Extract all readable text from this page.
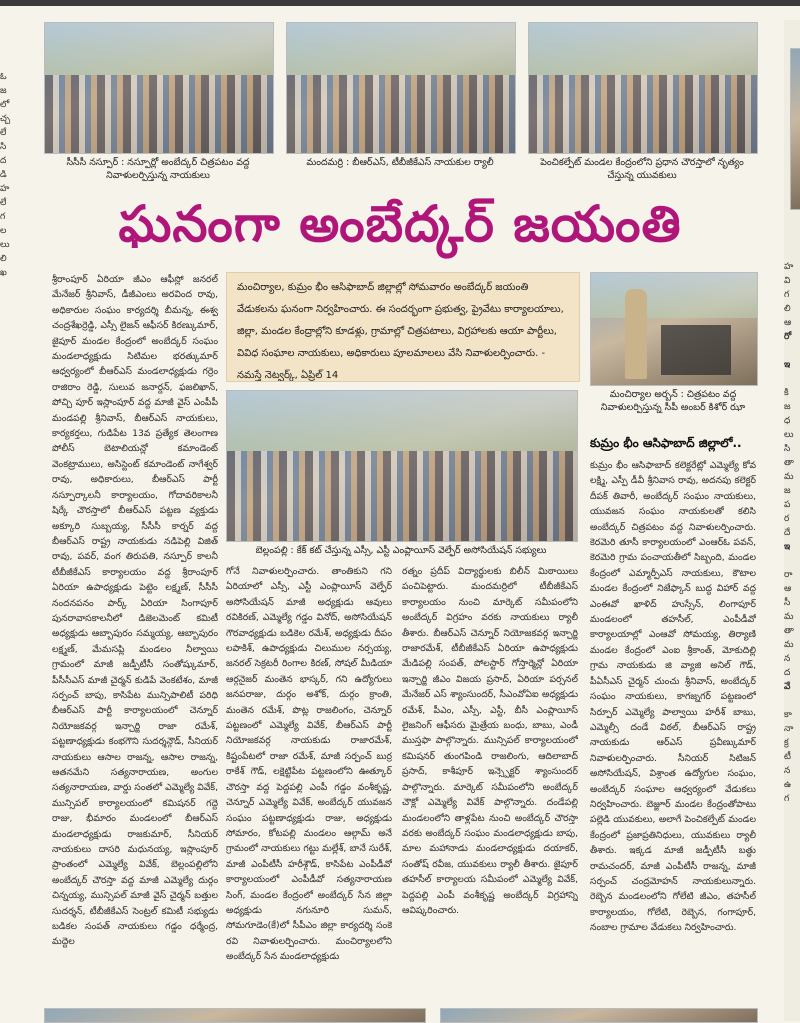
ఓ
జ
లో
చ్చ
లే
సి
ద
డి
హ
లే
గ
ల
లు
లి
ఖ
హ
వి
గ
లి
ఆ
రో

ఇ

కి
జ
ధ
లు
సి
తా
మ
జ
ప
ర
దే
ఇ

రా
ఆ
సీ
మ
తా
మ
న
ద
వే

కా
నా
క్ర
టీ
న
ఉ
గ
సీసీసీ నస్పూర్ : నస్పూర్లో అంబేద్కర్ చిత్రపటం వద్ద నివాళులర్పిస్తున్న నాయకులు
మందమర్రి : బీఆర్ఎస్, టీబీజీకేఎస్ నాయకుల ర్యాలీ	పెంచికల్పేట్ మండల కేంద్రంలోని ప్రధాన చౌరస్తాలో నృత్యం చేస్తున్న యువకులు
ఘనంగా అంబేద్కర్ జయంతి
శ్రీరాంపూర్ ఏరియా జీఎం ఆఫీస్లో జనరల్ మేనేజర్ శ్రీనివాస్, డీజీఎంలు అరవింద రావు, అధికారుల సంఘం కార్యదర్శి బీమన్న, ఈశ్వ చంద్రశేఖర్రెడ్డి, ఎస్సీ లైజన్ ఆఫీసర్ కిరణ్కుమార్, జైపూర్ మండల కేంద్రంలో అంబేద్కర్ సంఘం మండలాధ్యక్షుడు సిటిమల భరత్కుమార్ ఆధ్వర్యంలో బీఆర్ఎస్ మండలాధ్యక్షుడు గర్రెం రాజిరాం రెడ్డి, సులువ జనార్దన్, ఫజలిఖాన్, పోచ్చి పూర్ ఇస్లాంపూర్ వద్ద మాజీ వైస్ ఎంపీపీ మండపల్లి శ్రీనివాస్, బీఆర్ఎస్ నాయకులు, కార్యకర్తలు, గుడిపేట 13వ ప్రత్యేక తెలంగాణ పోలీస్ బెటాలియన్లో కమాండెంట్ వెంకట్రాములు, అసిస్టెంట్ కమాండెంట్ నాగేశ్వర్ రావు, అధికారులు, బీఆర్ఎస్ పార్టీ నస్పూర్కాలనీ కార్యాలయం, గోదావరికాలనీ షిర్కే చౌరస్తాలో బీఆర్ఎస్ పట్టణ వ్యక్తుడు అక్కూరి సుబ్బయ్య, సీసీసీ కార్నర్ వద్ద బీఆర్ఎస్ రాష్ట్ర నాయకుడు నడిపెల్లి విజిత్ రావు, పవర్, వంగ తిరుపతి, నస్పూర్ కాలనీ టీబీజీకేఎస్ కార్యాలయం వద్ద శ్రీరాంపూర్ ఏరియా ఉపాధ్యక్షుడు పెట్టెం లక్ష్మణ్, సీసీసీ నందనపనం పార్క్ ఏరియా సింగాపూర్ పునరావాసకాలనీలో డిజెలమెంట్ కమిటీ అధ్యక్షుడు ఆబ్బాపురం సమ్మయ్య, ఆబ్బాపురం లక్ష్మణ్, మేమసప్లి మండలం నీల్వాయి గ్రామంలో మాజీ జడ్పీటీసీ సంతోష్కుమార్, పీసీసీఎస్ మాజీ చైర్మన్ కుడిపే వెంకటేశం, మాజీ సర్పంచ్ బాపు, కాసిపేట మున్సిపాలిటీ పరిధి బీఆర్ఎస్ పార్టీ కార్యాలయంలో చెన్నూర్ నియోజకవర్గ ఇన్చార్జి రాజా రమేశ్, పట్టణాధ్యక్షుడు కంభగౌని సుదర్శన్గౌడ్, సీనియర్ నాయకులు ఆసాల రాజన్న, ఆసాల రాజన్న, ఆతనమేని సత్యనారాయణ, అంగుల సత్యనారాయణ, వార్డు సంతలో ఎమ్మెల్యే వివేక్, మున్సిపల్ కార్యాలయంలో కమిషనర్ గద్దె రాజు, భీమారం మండలంలో బీఆర్ఎస్ మండలాధ్యక్షుడు రాజకుమార్, సీనియర్ నాయకులు దాసరి మధునయ్య, ఇస్లాంపూర్ ప్రాంతంలో ఎమ్మెల్యే వివేక్, బెల్లంపల్లిలోని అంబేద్కర్ చౌరస్తా వద్ద మాజీ ఎమ్మెల్యే దుర్గం చిన్నయ్య, మున్సిపల్ మాజీ వైస్ చైర్మన్ బత్తుల సుదర్శన్, టీబీజీకేఎస్ సెంట్రల్ కమిటీ సభ్యుడు బడికల సంపత్ నాయకులు గడ్డం ధర్మేంద్ర, మద్దెల
మంచిర్యాల, కుమ్రం భీం ఆసిఫాబాద్ జిల్లాల్లో సోమవారం అంబేద్కర్ జయంతి వేడుకలను ఘనంగా నిర్వహించారు. ఈ సందర్భంగా ప్రభుత్వ, ప్రైవేటు కార్యాలయాలు, జిల్లా, మండల కేంద్రాల్లోని కూడళ్లు, గ్రామాల్లో చిత్రపటాలు, విగ్రహాలకు ఆయా పార్టీలు, వివిధ సంఘాల నాయకులు, అధికారులు పూలమాలలు వేసి నివాళులర్పించారు. - నమస్తే నెట్వర్క్, ఏప్రిల్ 14
బెల్లంపల్లి : కేక్ కట్ చేస్తున్న ఎస్సీ, ఎస్టీ ఎంప్లాయీస్ వెల్ఫేర్ అసోసియేషన్ సభ్యులు
మంచిర్యాల అర్బన్ : చిత్రపటం వద్ద నివాళులర్పిస్తున్న సీపీ అంబర్ కిశోర్ ఝా
కుమ్రం భీం ఆసిఫాబాద్ జిల్లాలో..
గోనే నివాళులర్పించారు. తాంతికుని గని ఏరియాలో ఎస్సీ, ఎస్టీ ఎంప్లాయీస్ వెల్ఫేర్ అసోసియేషన్ మాజీ అధ్యక్షుడు ఆవులు రవికిరణ్, ఎమ్మెల్యే గడ్డం వినోద్, అసోసియేషన్ గౌరవాధ్యక్షుడు బడికెల రమేశ్, అధ్యక్షుడు దీపం లపాకిశ్, ఉపాధ్యక్షుడు చిలుముల నర్సయ్య, జనరల్ సెక్రటరీ రింగాల కిరణ్, సోషల్ మీడియా ఆర్గనైజర్ మంతెన భాస్కర్, గని ఉద్యోగులు జనపరాజు, దుర్గం అశోక్, దుర్గం క్రాంతి, మంతెన రమేశ్, పొట్ల రాజలింగం, చెన్నూర్ పట్టణంలో ఎమ్మెల్యే వివేక్, బీఆర్ఎస్ పార్టీ నియోజకవర్గ నాయకుడు రాజారమేశ్, కిష్టంపేటలో రాజా రమేశ్, మాజీ సర్పంచ్ బుర్ర రాకేశ్ గౌడ్, లక్షెట్టిపేట పట్టణంలోని ఊత్కూర్ చౌరస్తా వద్ద పెద్దపల్లి ఎంపీ గడ్డం వంశీకృష్ణ, చెన్నూర్ ఎమ్మెల్యే వివేక్, అంబేద్కర్ యువజన సంఘం పట్టణాధ్యక్షుడు రాజు, అధ్యక్షుడు సోమారం, కోటపల్లి మండలం ఆల్గామ్ అనే గ్రామంలో నాయకులు గట్టు మల్లేశ్, బానే సురేశ్, మాజీ ఎంపీటీసీ హరీశ్గౌడ్, కాసిపేట ఎంపీడీవో కార్యాలయంలో ఎంపీడీవో సత్యనారాయణ సింగ్, మండల కేంద్రంలో అంబేద్కర్ సేన జిల్లా అధ్యక్షుడు నగునూరి సుమన్, సోమగూడెం(కే)లో సీపీఎం జిల్లా కార్యదర్శి సంకె రవి నివాళులర్పించారు. మంచిర్యాలలోని అంబేద్కర్ సేన మండలాధ్యక్షుడు
రత్నం ప్రదీప్ విద్యార్థులకు బిలీన్ మిఠాయిలు పంచిపెట్టారు. మందమర్రిలో టీబీజీకేఎస్ కార్యాలయం నుంచి మార్కెట్ సమీపంలోని అంబేద్కర్ విగ్రహం వరకు నాయకులు ర్యాలీ తీశారు. బీఆర్ఎస్ చెన్నూర్ నియోజకవర్గ ఇన్చార్జి రాజారమేశ్, టీబీజీకేఎస్ ఏరియా ఉపాధ్యక్షుడు మేడిపల్లి సంపత్, పోలస్టార్ గోస్తార్మెన్లో ఏరియా ఇన్చార్జి జీఎం విజయ ప్రసాద్, ఏరియా పర్సనల్ మేనేజర్ ఎస్ శ్యాంసుందర్, సీఎంవోఏఐ అధ్యక్షుడు రమేశ్, పీఎం, ఎస్సీ, ఎస్టీ, బీసీ ఎంప్లాయీస్ లైజనింగ్ ఆఫీసరు మైత్రేయ బంధు, బాబు, ఎండీ ముస్తఫా పాల్గొన్నారు. మున్సిపల్ కార్యాలయంలో కమిషనర్ తుంగపిండి రాజలింగు, ఆదిలాబాద్ ప్రసాద్, కాశీపూర్ ఇన్స్పెక్టర్ శ్యాంసుందర్ పాల్గొన్నారు. మార్కెట్ సమీపంలోని అంబేద్కర్ చౌక్లో ఎమ్మెల్యే వివేక్ పాల్గొన్నారు. దండేపల్లి మండలంలోని తాళ్లపేట నుంచి అంబేద్కర్ చౌరస్తా వరకు అంబేద్కర్ సంఘం మండలాధ్యక్షుడు బాపు, మాల మహానాడు మండలాధ్యక్షుడు దయాకర్, సంతోష్ రవీజ, యువకులు ర్యాలీ తీశారు. జైపూర్ తహసీల్ కార్యాలయ సమీపంలో ఎమ్మెల్యే వివేక్, పెద్దపల్లి ఎంపీ వంశీకృష్ణ అంబేద్కర్ విగ్రహాన్ని ఆవిష్కరించారు.
కుమ్రం భీం ఆసిఫాబాద్ కలెక్టరేట్లో ఎమ్మెల్యే కోవ లక్ష్మి, ఎస్పీ డీవీ శ్రీనివాస రావు, అదనపు కలెక్టర్ దీపక్ తివారీ, అంబేద్కర్ సంఘం నాయకులు, యువజన సంఘం నాయకులతో కలిసి అంబేద్కర్ చిత్రపటం వద్ద నివాళులర్పించారు. కెరమెరి తూసీ కార్యాలయంలో ఎంఆర్ఓ పవన్, కెరమెరి గ్రామ పంచాయతీలో సిబ్బంది, మండల కేంద్రంలో ఎమ్మార్పీఎస్ నాయకులు, కౌటాల మండల కేంద్రంలో నిజేఫ్కాన్ బుద్ధ విహార్ వద్ద ఎంఈవో ఖాళిద్ హుస్సేన్, లింగాపూర్ మండలంలో తహసీల్, ఎంపీడీవో కార్యాలయాల్లో ఎంఆవో సోమయ్య, తిర్యాణి మండల కేంద్రంలో ఎంఐ శ్రీకాంత్, మోకుదిల్లి గ్రామ నాయకుడు జి వ్యాజి అనిల్ గౌడ్, పీఏసీఎస్ చైర్మన్ చుంచు శ్రీనివాస్, అంబేద్కర్ సంఘం నాయకులు, కాగజ్నగర్ పట్టణంలో సిర్పూర్ ఎమ్మెల్యే పాల్వాయి హరీశ్ బాబు, ఎమ్మెల్సీ దండే విఠల్, బీఆర్ఎస్ రాష్ట్ర నాయకుడు ఆర్ఎస్ ప్రవీణ్కుమార్ నివాళులర్పించారు. సీనియర్ సిటిజన్ అసోసియేషన్, విశ్రాంత ఉద్యోగుల సంఘం, అంబేద్కర్ సంఘాల ఆధ్వర్యంలో వేడుకలు నిర్వహించారు. బెజ్జూర్ మండల కేంద్రంతోపాటు పల్లెడి యువకులు, అలాగే పెంచికల్పేట్ మండల కేంద్రంలో ప్రజాప్రతినిధులు, యువకులు ర్యాలీ తీశారు. ఇక్కడ మాజీ జడ్పీటీసీ బత్ధు రామచందర్, మాజీ ఎంపీటీసీ రాజన్న, మాజీ సర్పంచ్ చంద్రమోహన్ నాయకులున్నారు. రెబ్బెన మండలంలోని గోలేటి జీఎం, తహసీల్ కార్యాలయం, గోలేటి, రెబ్బెన, గంగాపూర్, నంబాల గ్రామాల వేడుకలు నిర్వహించారు.
